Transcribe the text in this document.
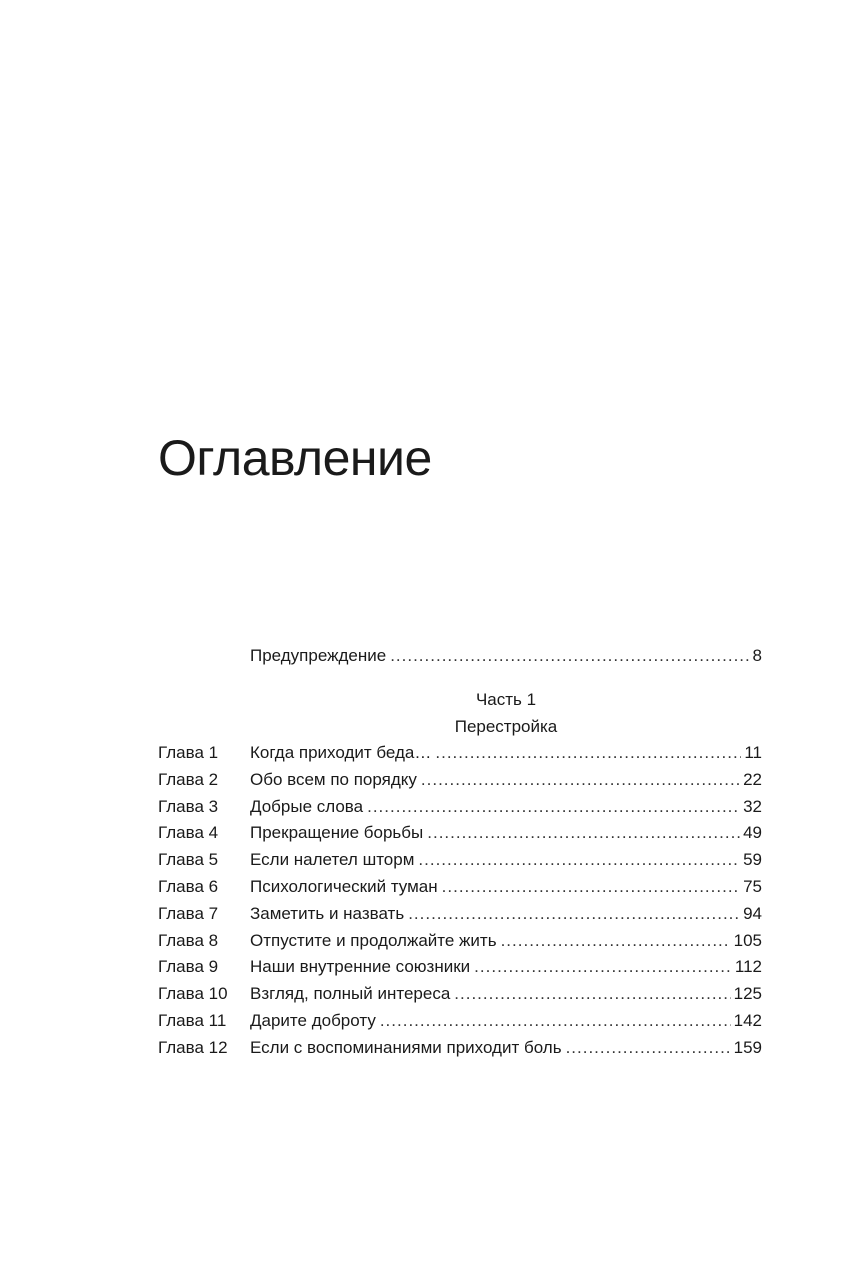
Оглавление
Предупреждение .....	8
Часть 1
Перестройка
Глава 1	Когда приходит беда… .....	11
Глава 2	Обо всем по порядку .....	22
Глава 3	Добрые слова .....	32
Глава 4	Прекращение борьбы .....	49
Глава 5	Если налетел шторм .....	59
Глава 6	Психологический туман .....	75
Глава 7	Заметить и назвать .....	94
Глава 8	Отпустите и продолжайте жить .....	105
Глава 9	Наши внутренние союзники .....	112
Глава 10	Взгляд, полный интереса .....	125
Глава 11	Дарите доброту .....	142
Глава 12	Если с воспоминаниями приходит боль .....	159
